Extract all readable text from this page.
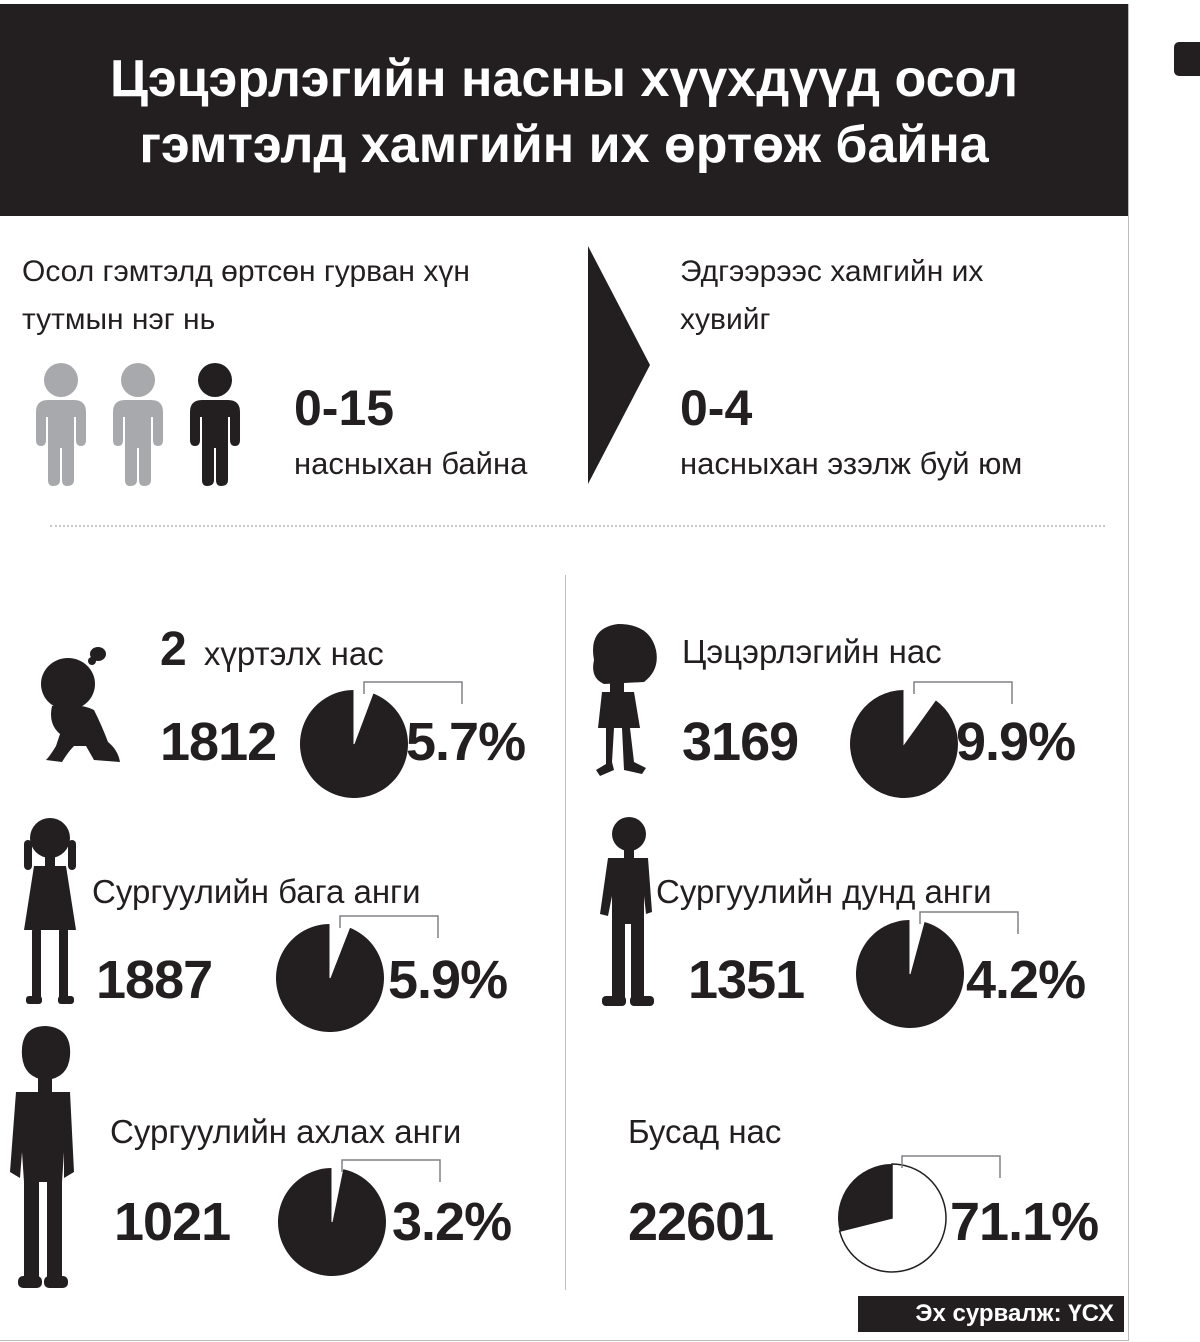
Цэцэрлэгийн насны хүүхдүүд осол
гэмтэлд хамгийн их өртөж байна

Осол гэмтэлд өртсөн гурван хүн
тутмын нэг нь

0-15

насныхан байна

Эдгээрээс хамгийн их
хувийг

0-4

насныхан эзэлж буй юм

2 хүртэлх нас

1812 5.7%

Цэцэрлэгийн нас

3169	9.9%

Сургуулийн бага анги

1887	5.9%

Сургуулийн дунд анги

1351	4.2%

Сургуулийн ахлах анги

1021	3.2%

Бусад нас

22601	71.1%

Эх сурвалж: ҮСХ
